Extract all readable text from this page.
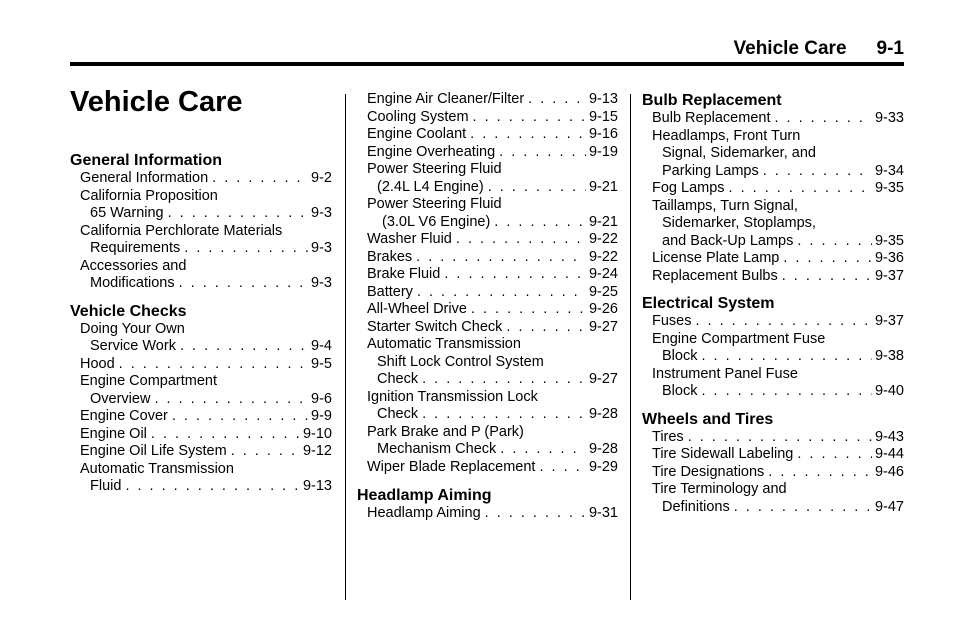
Vehicle Care 9-1
Vehicle Care
General Information
General Information . . .	9-2
California Proposition
65 Warning . . .	9-3
California Perchlorate Materials
Requirements . . .	9-3
Accessories and
Modifications . . .	9-3
Vehicle Checks
Doing Your Own
Service Work . . .	9-4
Hood . . .	9-5
Engine Compartment
Overview . . .	9-6
Engine Cover . . .	9-9
Engine Oil . . .	9-10
Engine Oil Life System . . .	9-12
Automatic Transmission
Fluid . . .	9-13
Engine Air Cleaner/Filter . . .	9-13
Cooling System . . .	9-15
Engine Coolant . . .	9-16
Engine Overheating . . .	9-19
Power Steering Fluid
(2.4L L4 Engine) . . .	9-21
Power Steering Fluid
(3.0L V6 Engine) . . .	9-21
Washer Fluid . . .	9-22
Brakes . . .	9-22
Brake Fluid . . .	9-24
Battery . . .	9-25
All-Wheel Drive . . .	9-26
Starter Switch Check . . .	9-27
Automatic Transmission
Shift Lock Control System
Check . . .	9-27
Ignition Transmission Lock
Check . . .	9-28
Park Brake and P (Park)
Mechanism Check . . .	9-28
Wiper Blade Replacement . . .	9-29
Headlamp Aiming
Headlamp Aiming . . .	9-31
Bulb Replacement
Bulb Replacement . . .	9-33
Headlamps, Front Turn
Signal, Sidemarker, and
Parking Lamps . . .	9-34
Fog Lamps . . .	9-35
Taillamps, Turn Signal,
Sidemarker, Stoplamps,
and Back-Up Lamps . . .	9-35
License Plate Lamp . . .	9-36
Replacement Bulbs . . .	9-37
Electrical System
Fuses . . .	9-37
Engine Compartment Fuse
Block . . .	9-38
Instrument Panel Fuse
Block . . .	9-40
Wheels and Tires
Tires . . .	9-43
Tire Sidewall Labeling . . .	9-44
Tire Designations . . .	9-46
Tire Terminology and
Definitions . . .	9-47
